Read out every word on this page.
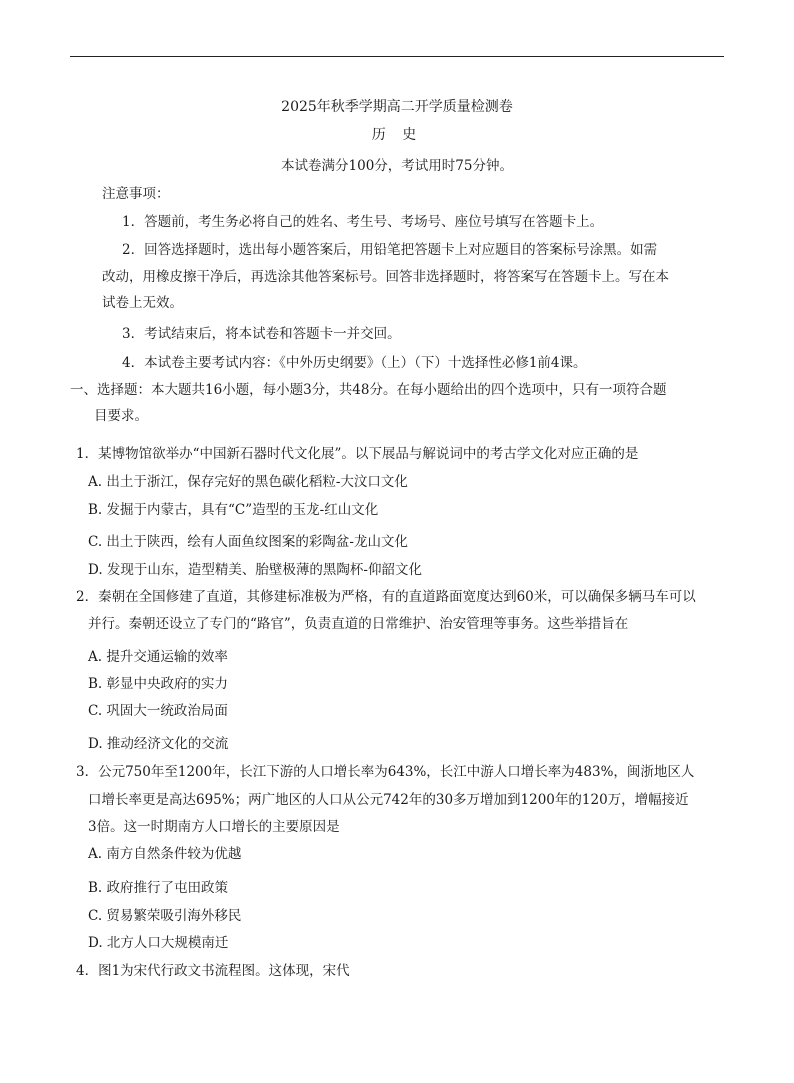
2025年秋季学期高二开学质量检测卷
历 史
本试卷满分100分，考试用时75分钟。
注意事项：
1．答题前，考生务必将自己的姓名、考生号、考场号、座位号填写在答题卡上。
2．回答选择题时，选出每小题答案后，用铅笔把答题卡上对应题目的答案标号涂黑。如需
改动，用橡皮擦干净后，再选涂其他答案标号。回答非选择题时，将答案写在答题卡上。写在本
试卷上无效。
3．考试结束后，将本试卷和答题卡一并交回。
4．本试卷主要考试内容：《中外历史纲要》（上）（下）十选择性必修1前4课。
一、选择题：本大题共16小题，每小题3分，共48分。在每小题给出的四个选项中，只有一项符合题
目要求。
1．某博物馆欲举办“中国新石器时代文化展”。以下展品与解说词中的考古学文化对应正确的是
A. 出土于浙江，保存完好的黑色碳化稻粒-大汶口文化
B. 发掘于内蒙古，具有“C”造型的玉龙-红山文化
C. 出土于陕西，绘有人面鱼纹图案的彩陶盆-龙山文化
D. 发现于山东，造型精美、胎壁极薄的黑陶杯-仰韶文化
2．秦朝在全国修建了直道，其修建标准极为严格，有的直道路面宽度达到60米，可以确保多辆马车可以
并行。秦朝还设立了专门的“路官”，负责直道的日常维护、治安管理等事务。这些举措旨在
A. 提升交通运输的效率
B. 彰显中央政府的实力
C. 巩固大一统政治局面
D. 推动经济文化的交流
3．公元750年至1200年，长江下游的人口增长率为643%，长江中游人口增长率为483%，闽浙地区人
口增长率更是高达695%；两广地区的人口从公元742年的30多万增加到1200年的120万，增幅接近
3倍。这一时期南方人口增长的主要原因是
A. 南方自然条件较为优越
B. 政府推行了屯田政策
C. 贸易繁荣吸引海外移民
D. 北方人口大规模南迁
4．图1为宋代行政文书流程图。这体现，宋代
